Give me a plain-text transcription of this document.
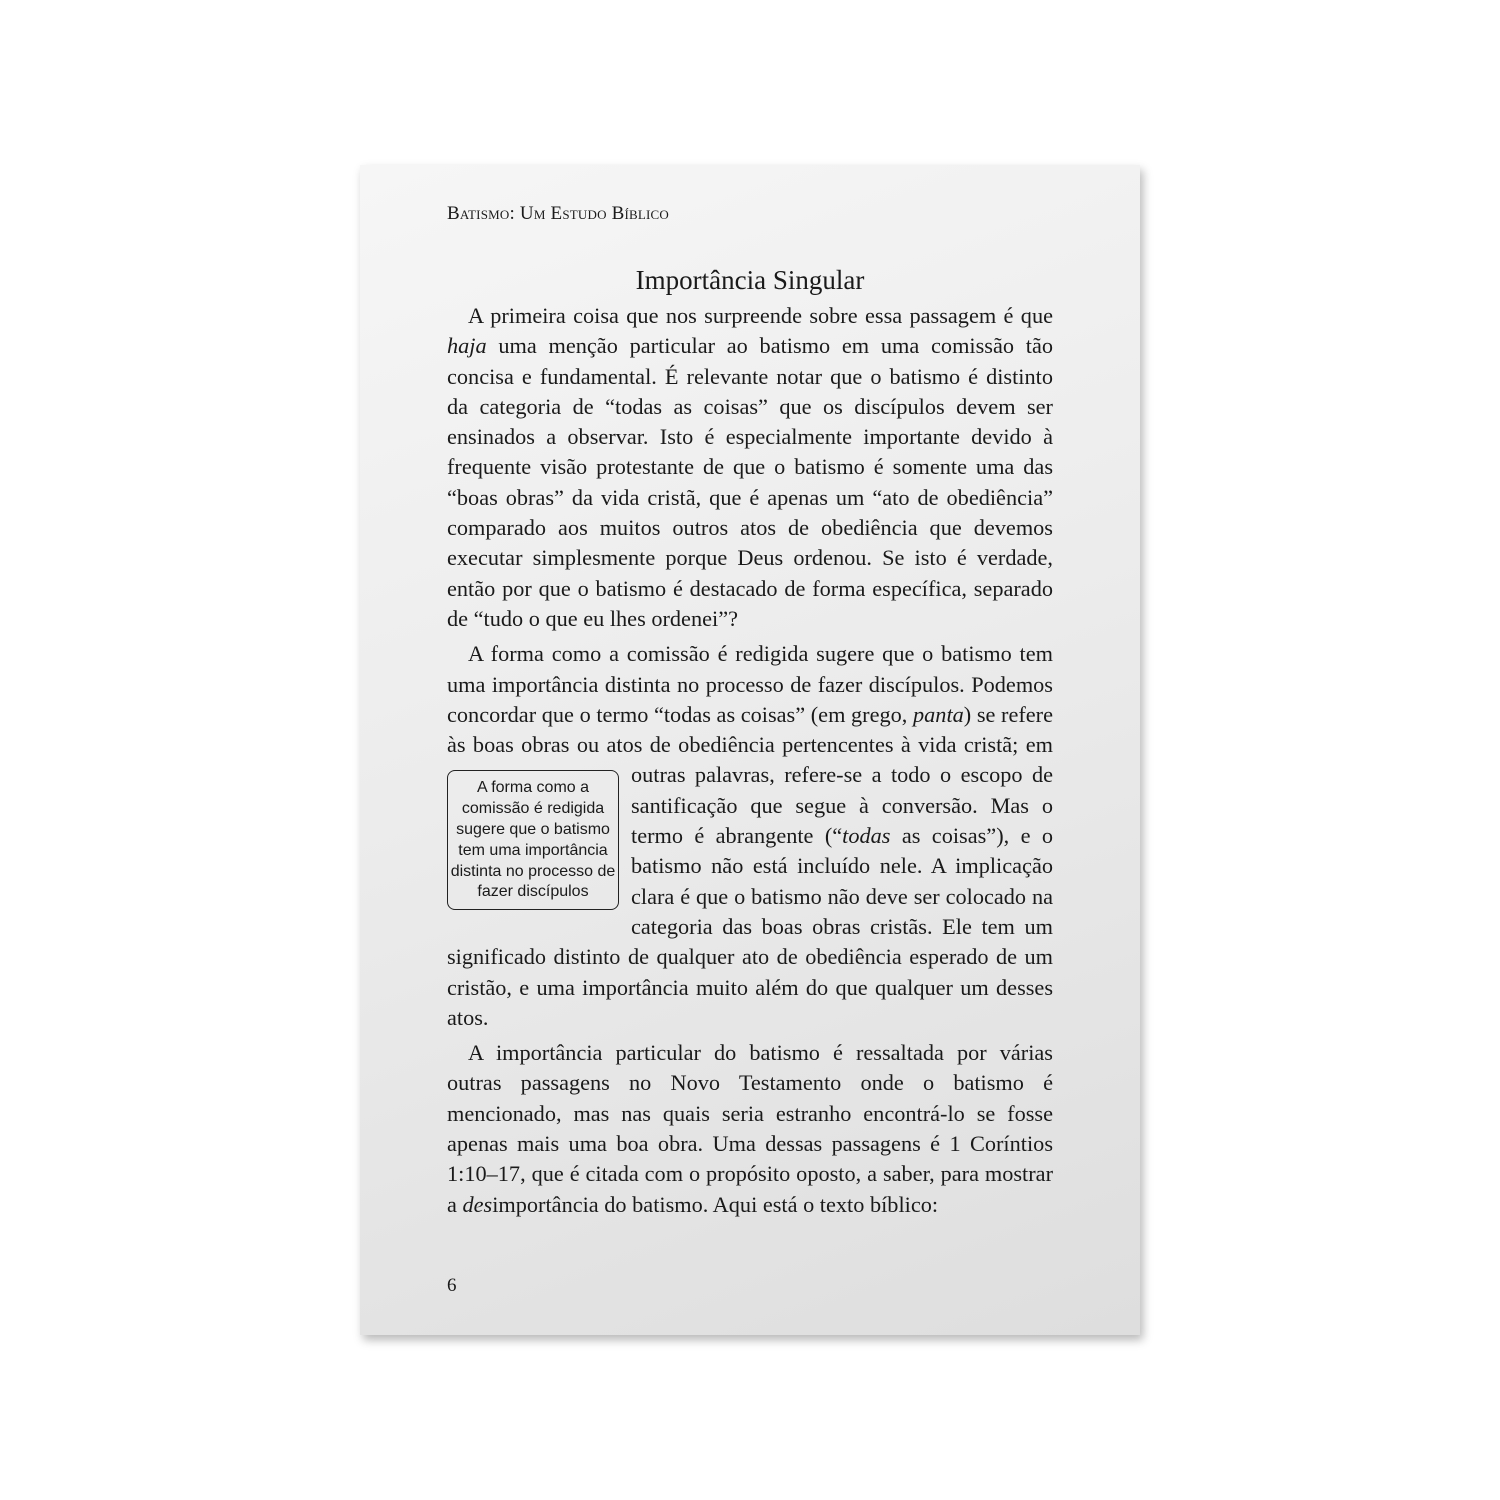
Batismo: Um Estudo Bíblico
Importância Singular

A primeira coisa que nos surpreende sobre essa passagem é que haja uma menção particular ao batismo em uma comissão tão concisa e fundamental. É relevante notar que o batismo é distinto da categoria de “todas as coisas” que os discípulos devem ser ensinados a observar. Isto é especialmente importante devido à frequente visão protestante de que o batismo é somente uma das “boas obras” da vida cristã, que é apenas um “ato de obediência” comparado aos muitos outros atos de obediência que devemos executar simplesmente porque Deus ordenou. Se isto é verdade, então por que o batismo é destacado de forma específica, separado de “tudo o que eu lhes ordenei”?

A forma como a comissão é redigida sugere que o batismo tem uma importância distinta no processo de fazer discípulos. Podemos concordar que o termo “todas as coisas” (em grego, panta) se refere às boas obras ou atos de obediência pertencentes
A forma como a comissão é redigida sugere que o batismo tem uma importância distinta no processo de fazer discípulos
à vida cristã; em outras palavras, refere-se a todo o escopo de santificação que segue à conversão. Mas o termo é abrangente (“todas as coisas”), e o batismo não está incluído nele. A implicação clara é que o batismo não deve ser colocado na categoria das boas obras cristãs. Ele tem um significado distinto de qualquer ato de obediência esperado de um cristão, e uma importância muito além do que qualquer um desses atos.

A importância particular do batismo é ressaltada por várias outras passagens no Novo Testamento onde o batismo é mencionado, mas nas quais seria estranho encontrá-lo se fosse apenas mais uma boa obra. Uma dessas passagens é 1 Coríntios 1:10–17, que é citada com o propósito oposto, a saber, para mostrar a desimportância do batismo. Aqui está o texto bíblico:

6
